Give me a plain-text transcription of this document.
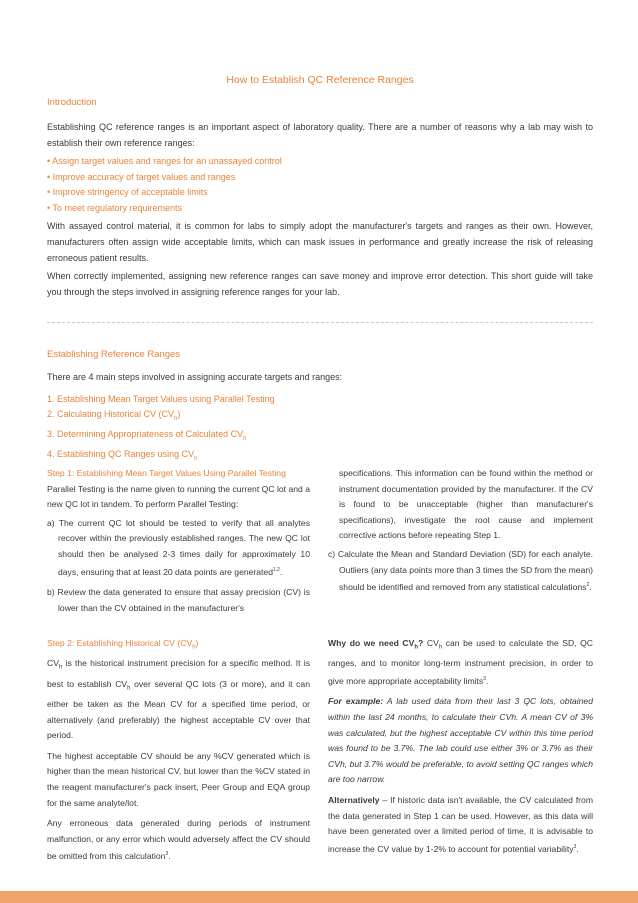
How to Establish QC Reference Ranges
Introduction
Establishing QC reference ranges is an important aspect of laboratory quality. There are a number of reasons why a lab may wish to establish their own reference ranges:
• Assign target values and ranges for an unassayed control
• Improve accuracy of target values and ranges
• Improve stringency of acceptable limits
• To meet regulatory requirements
With assayed control material, it is common for labs to simply adopt the manufacturer's targets and ranges as their own. However, manufacturers often assign wide acceptable limits, which can mask issues in performance and greatly increase the risk of releasing erroneous patient results.
When correctly implemented, assigning new reference ranges can save money and improve error detection. This short guide will take you through the steps involved in assigning reference ranges for your lab.
Establishing Reference Ranges
There are 4 main steps involved in assigning accurate targets and ranges:
1. Establishing Mean Target Values using Parallel Testing
2. Calculating Historical CV $(CV_h)$
3. Determining Appropriateness of Calculated $CV_h$
4. Establishing QC Ranges using $CV_h$
Step 1: Establishing Mean Target Values Using Parallel Testing
Parallel Testing is the name given to running the current QC lot and a new QC lot in tandem. To perform Parallel Testing:
a) The current QC lot should be tested to verify that all analytes recover within the previously established ranges. The new QC lot should then be analysed 2-3 times daily for approximately 10 days, ensuring that at least 20 data points are generated$^{1,2}$.
b) Review the data generated to ensure that assay precision (CV) is lower than the CV obtained in the manufacturer's
specifications. This information can be found within the method or instrument documentation provided by the manufacturer. If the CV is found to be unacceptable (higher than manufacturer's specifications), investigate the root cause and implement corrective actions before repeating Step 1.
c) Calculate the Mean and Standard Deviation (SD) for each analyte. Outliers (any data points more than 3 times the SD from the mean) should be identified and removed from any statistical calculations$^2$.
Step 2: Establishing Historical CV $(CV_h)$
$CV_h$ is the historical instrument precision for a specific method. It is best to establish $CV_h$ over several QC lots (3 or more), and it can either be taken as the Mean CV for a specified time period, or alternatively (and preferably) the highest acceptable CV over that period.
The highest acceptable CV should be any %CV generated which is higher than the mean historical CV, but lower than the %CV stated in the reagent manufacturer's pack insert, Peer Group and EQA group for the same analyte/lot.
Any erroneous data generated during periods of instrument malfunction, or any error which would adversely affect the CV should be omitted from this calculation$^3$.
Why do we need $CV_h$? $CV_h$ can be used to calculate the SD, QC ranges, and to monitor long-term instrument precision, in order to give more appropriate acceptability limits$^3$.
For example: A lab used data from their last 3 QC lots, obtained within the last 24 months, to calculate their CVh. A mean CV of 3% was calculated, but the highest acceptable CV within this time period was found to be 3.7%. The lab could use either 3% or 3.7% as their CVh, but 3.7% would be preferable, to avoid setting QC ranges which are too narrow.
Alternatively – If historic data isn't available, the CV calculated from the data generated in Step 1 can be used. However, as this data will have been generated over a limited period of time, it is advisable to increase the CV value by 1-2% to account for potential variability$^3$.
